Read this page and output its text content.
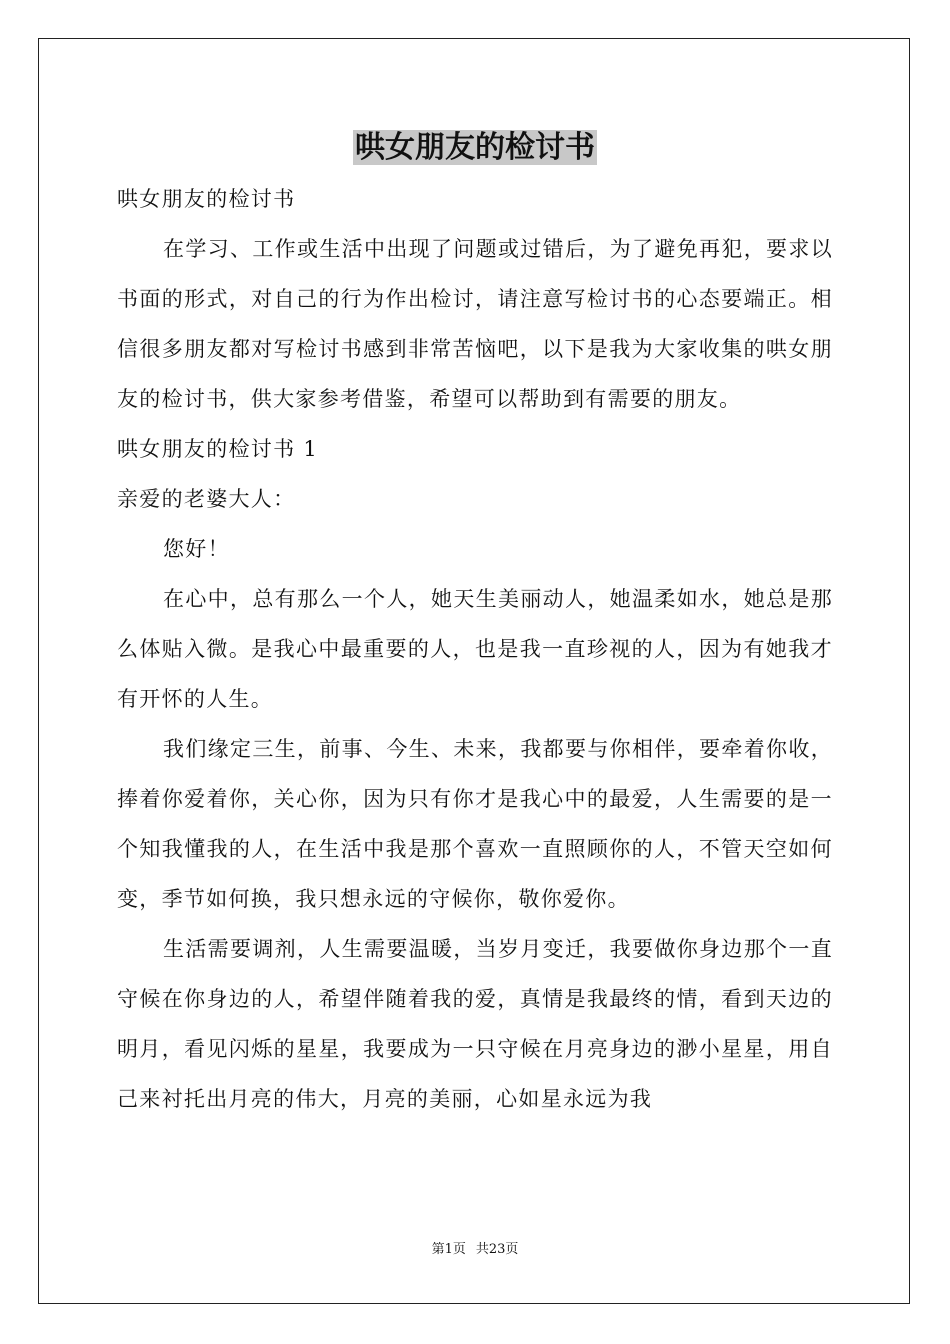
哄女朋友的检讨书

哄女朋友的检讨书

在学习、工作或生活中出现了问题或过错后，为了避免再犯，要求以书面的形式，对自己的行为作出检讨，请注意写检讨书的心态要端正。相信很多朋友都对写检讨书感到非常苦恼吧，以下是我为大家收集的哄女朋友的检讨书，供大家参考借鉴，希望可以帮助到有需要的朋友。

哄女朋友的检讨书 1

亲爱的老婆大人：

您好！

在心中，总有那么一个人，她天生美丽动人，她温柔如水，她总是那么体贴入微。是我心中最重要的人，也是我一直珍视的人，因为有她我才有开怀的人生。

我们缘定三生，前事、今生、未来，我都要与你相伴，要牵着你收，捧着你爱着你，关心你，因为只有你才是我心中的最爱，人生需要的是一个知我懂我的人，在生活中我是那个喜欢一直照顾你的人，不管天空如何变，季节如何换，我只想永远的守候你，敬你爱你。

生活需要调剂，人生需要温暖，当岁月变迁，我要做你身边那个一直守候在你身边的人，希望伴随着我的爱，真情是我最终的情，看到天边的明月，看见闪烁的星星，我要成为一只守候在月亮身边的渺小星星，用自己来衬托出月亮的伟大，月亮的美丽，心如星永远为我

第1页 共23页
